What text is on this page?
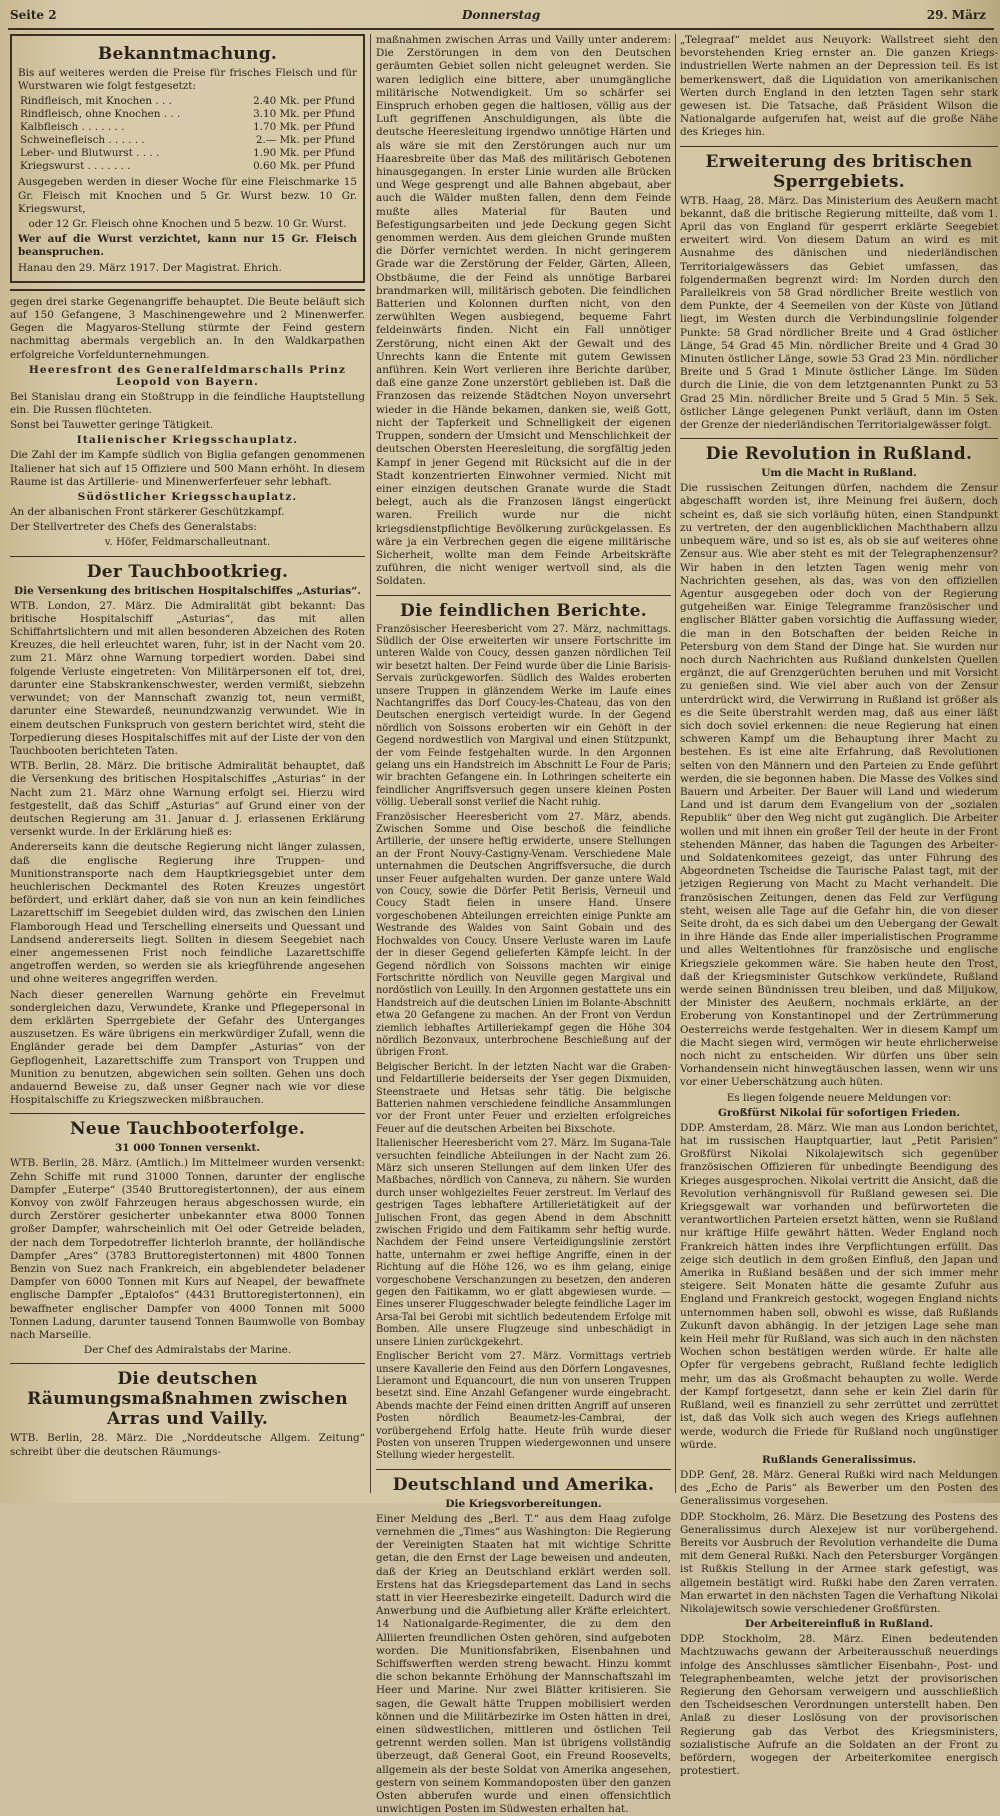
Seite 2	Donnerstag	29. März
Bekanntmachung.

Bis auf weiteres werden die Preise für frisches Fleisch und für Wurstwaren wie folgt festgesetzt:

Rindfleisch, mit Knochen . . .	2.40 Mk. per Pfund
Rindfleisch, ohne Knochen . . .	3.10 Mk. per Pfund
Kalbfleisch . . . . . . .	1.70 Mk. per Pfund
Schweinefleisch . . . . . .	2.— Mk. per Pfund
Leber- und Blutwurst . . . .	1.90 Mk. per Pfund
Kriegswurst . . . . . . .	0.60 Mk. per Pfund

Ausgegeben werden in dieser Woche für eine Fleischmarke 15 Gr. Fleisch mit Knochen und 5 Gr. Wurst bezw. 10 Gr. Kriegswurst,

oder 12 Gr. Fleisch ohne Knochen und 5 bezw. 10 Gr. Wurst.

Wer auf die Wurst verzichtet, kann nur 15 Gr. Fleisch beanspruchen.

Hanau den 29. März 1917. Der Magistrat. Ehrich.

gegen drei starke Gegenangriffe behauptet. Die Beute beläuft sich auf 150 Gefangene, 3 Maschinengewehre und 2 Minenwerfer. Gegen die Magyaros-Stellung stürmte der Feind gestern nachmittag abermals vergeblich an. In den Waldkarpathen erfolgreiche Vorfeldunternehmungen.

Heeresfront des Generalfeldmarschalls Prinz Leopold von Bayern.

Bei Stanislau drang ein Stoßtrupp in die feindliche Hauptstellung ein. Die Russen flüchteten.

Sonst bei Tauwetter geringe Tätigkeit.

Italienischer Kriegsschauplatz.

Die Zahl der im Kampfe südlich von Biglia gefangen genommenen Italiener hat sich auf 15 Offiziere und 500 Mann erhöht. In diesem Raume ist das Artillerie- und Minenwerferfeuer sehr lebhaft.

Südöstlicher Kriegsschauplatz.

An der albanischen Front stärkerer Geschützkampf.

Der Stellvertreter des Chefs des Generalstabs:

v. Höfer, Feldmarschalleutnant.

Der Tauchbootkrieg.
Die Versenkung des britischen Hospitalschiffes „Asturias“.

WTB. London, 27. März. Die Admiralität gibt bekannt: Das britische Hospitalschiff „Asturias“, das mit allen Schiffahrtslichtern und mit allen besonderen Abzeichen des Roten Kreuzes, die hell erleuchtet waren, fuhr, ist in der Nacht vom 20. zum 21. März ohne Warnung torpediert worden. Dabei sind folgende Verluste eingetreten: Von Militärpersonen elf tot, drei, darunter eine Stabskrankenschwester, werden vermißt, siebzehn verwundet; von der Mannschaft zwanzig tot, neun vermißt, darunter eine Stewardeß, neunundzwanzig verwundet. Wie in einem deutschen Funkspruch von gestern berichtet wird, steht die Torpedierung dieses Hospitalschiffes mit auf der Liste der von den Tauchbooten berichteten Taten.

WTB. Berlin, 28. März. Die britische Admiralität behauptet, daß die Versenkung des britischen Hospitalschiffes „Asturias“ in der Nacht zum 21. März ohne Warnung erfolgt sei. Hierzu wird festgestellt, daß das Schiff „Asturias“ auf Grund einer von der deutschen Regierung am 31. Januar d. J. erlassenen Erklärung versenkt wurde. In der Erklärung hieß es:

Andererseits kann die deutsche Regierung nicht länger zulassen, daß die englische Regierung ihre Truppen- und Munitionstransporte nach dem Hauptkriegsgebiet unter dem heuchlerischen Deckmantel des Roten Kreuzes ungestört befördert, und erklärt daher, daß sie von nun an kein feindliches Lazarettschiff im Seegebiet dulden wird, das zwischen den Linien Flamborough Head und Terschelling einerseits und Quessant und Landsend andererseits liegt. Sollten in diesem Seegebiet nach einer angemessenen Frist noch feindliche Lazarettschiffe angetroffen werden, so werden sie als kriegführende angesehen und ohne weiteres angegriffen werden.

Nach dieser generellen Warnung gehörte ein Frevelmut sondergleichen dazu, Verwundete, Kranke und Pflegepersonal in dem erklärten Sperrgebiete der Gefahr des Unterganges auszusetzen. Es wäre übrigens ein merkwürdiger Zufall, wenn die Engländer gerade bei dem Dampfer „Asturias“ von der Gepflogenheit, Lazarettschiffe zum Transport von Truppen und Munition zu benutzen, abgewichen sein sollten. Gehen uns doch andauernd Beweise zu, daß unser Gegner nach wie vor diese Hospitalschiffe zu Kriegszwecken mißbrauchen.

Neue Tauchbooterfolge.
31 000 Tonnen versenkt.

WTB. Berlin, 28. März. (Amtlich.) Im Mittelmeer wurden versenkt: Zehn Schiffe mit rund 31000 Tonnen, darunter der englische Dampfer „Euterpe“ (3540 Bruttoregistertonnen), der aus einem Konvoy von zwölf Fahrzeugen heraus abgeschossen wurde, ein durch Zerstörer gesicherter unbekannter etwa 8000 Tonnen großer Dampfer, wahrscheinlich mit Oel oder Getreide beladen, der nach dem Torpedotreffer lichterloh brannte, der holländische Dampfer „Ares“ (3783 Bruttoregistertonnen) mit 4800 Tonnen Benzin von Suez nach Frankreich, ein abgeblendeter beladener Dampfer von 6000 Tonnen mit Kurs auf Neapel, der bewaffnete englische Dampfer „Eptalofos“ (4431 Bruttoregistertonnen), ein bewaffneter englischer Dampfer von 4000 Tonnen mit 5000 Tonnen Ladung, darunter tausend Tonnen Baumwolle von Bombay nach Marseille.

Der Chef des Admiralstabs der Marine.

Die deutschen Räumungsmaßnahmen zwischen Arras und Vailly.

WTB. Berlin, 28. März. Die „Norddeutsche Allgem. Zeitung“ schreibt über die deutschen Räumungs-

maßnahmen zwischen Arras und Vailly unter anderem: Die Zerstörungen in dem von den Deutschen geräumten Gebiet sollen nicht geleugnet werden. Sie waren lediglich eine bittere, aber unumgängliche militärische Notwendigkeit. Um so schärfer sei Einspruch erhoben gegen die haltlosen, völlig aus der Luft gegriffenen Anschuldigungen, als übte die deutsche Heeresleitung irgendwo unnötige Härten und als wäre sie mit den Zerstörungen auch nur um Haaresbreite über das Maß des militärisch Gebotenen hinausgegangen. In erster Linie wurden alle Brücken und Wege gesprengt und alle Bahnen abgebaut, aber auch die Wälder mußten fallen, denn dem Feinde mußte alles Material für Bauten und Befestigungsarbeiten und jede Deckung gegen Sicht genommen werden. Aus dem gleichen Grunde mußten die Dörfer vernichtet werden. In nicht geringerem Grade war die Zerstörung der Felder, Gärten, Alleen, Obstbäume, die der Feind als unnötige Barbarei brandmarken will, militärisch geboten. Die feindlichen Batterien und Kolonnen durften nicht, von den zerwühlten Wegen ausbiegend, bequeme Fahrt feldeinwärts finden. Nicht ein Fall unnötiger Zerstörung, nicht einen Akt der Gewalt und des Unrechts kann die Entente mit gutem Gewissen anführen. Kein Wort verlieren ihre Berichte darüber, daß eine ganze Zone unzerstört geblieben ist. Daß die Franzosen das reizende Städtchen Noyon unversehrt wieder in die Hände bekamen, danken sie, weiß Gott, nicht der Tapferkeit und Schnelligkeit der eigenen Truppen, sondern der Umsicht und Menschlichkeit der deutschen Obersten Heeresleitung, die sorgfältig jeden Kampf in jener Gegend mit Rücksicht auf die in der Stadt konzentrierten Einwohner vermied. Nicht mit einer einzigen deutschen Granate wurde die Stadt belegt, auch als die Franzosen längst eingerückt waren. Freilich wurde nur die nicht kriegsdienstpflichtige Bevölkerung zurückgelassen. Es wäre ja ein Verbrechen gegen die eigene militärische Sicherheit, wollte man dem Feinde Arbeitskräfte zuführen, die nicht weniger wertvoll sind, als die Soldaten.

Die feindlichen Berichte.

Französischer Heeresbericht vom 27. März, nachmittags. Südlich der Oise erweiterten wir unsere Fortschritte im unteren Walde von Coucy, dessen ganzen nördlichen Teil wir besetzt halten. Der Feind wurde über die Linie Barisis-Servais zurückgeworfen. Südlich des Waldes eroberten unsere Truppen in glänzendem Werke im Laufe eines Nachtangriffes das Dorf Coucy-les-Chateau, das von den Deutschen energisch verteidigt wurde. In der Gegend nördlich von Soissons eroberten wir ein Gehöft in der Gegend nordwestlich von Margival und einen Stützpunkt, der vom Feinde festgehalten wurde. In den Argonnen gelang uns ein Handstreich im Abschnitt Le Four de Paris; wir brachten Gefangene ein. In Lothringen scheiterte ein feindlicher Angriffsversuch gegen unsere kleinen Posten völlig. Ueberall sonst verlief die Nacht ruhig.

Französischer Heeresbericht vom 27. März, abends. Zwischen Somme und Oise beschoß die feindliche Artillerie, der unsere heftig erwiderte, unsere Stellungen an der Front Nouvy-Castigny-Venam. Verschiedene Male unternahmen die Deutschen Angriffsversuche, die durch unser Feuer aufgehalten wurden. Der ganze untere Wald von Coucy, sowie die Dörfer Petit Berisis, Verneuil und Coucy Stadt fielen in unsere Hand. Unsere vorgeschobenen Abteilungen erreichten einige Punkte am Westrande des Waldes von Saint Gobain und des Hochwaldes von Coucy. Unsere Verluste waren im Laufe der in dieser Gegend gelieferten Kämpfe leicht. In der Gegend nördlich von Soissons machten wir einige Fortschritte nördlich von Neuville gegen Margival und nordöstlich von Leuilly. In den Argonnen gestattete uns ein Handstreich auf die deutschen Linien im Bolante-Abschnitt etwa 20 Gefangene zu machen. An der Front von Verdun ziemlich lebhaftes Artilleriekampf gegen die Höhe 304 nördlich Bezonvaux, unterbrochene Beschießung auf der übrigen Front.

Belgischer Bericht. In der letzten Nacht war die Graben- und Feldartillerie beiderseits der Yser gegen Dixmuiden, Steenstraete und Hetsas sehr tätig. Die belgische Batterien nahmen verschiedene feindliche Ansammlungen vor der Front unter Feuer und erzielten erfolgreiches Feuer auf die deutschen Arbeiten bei Bixschote.

Italienischer Heeresbericht vom 27. März. Im Sugana-Tale versuchten feindliche Abteilungen in der Nacht zum 26. März sich unseren Stellungen auf dem linken Ufer des Maßbaches, nördlich von Canneva, zu nähern. Sie wurden durch unser wohlgezieltes Feuer zerstreut. Im Verlauf des gestrigen Tages lebhaftere Artillerietätigkeit auf der Julischen Front, das gegen Abend in dem Abschnitt zwischen Frigido und dem Faitikamm sehr heftig wurde. Nachdem der Feind unsere Verteidigungslinie zerstört hatte, unternahm er zwei heftige Angriffe, einen in der Richtung auf die Höhe 126, wo es ihm gelang, einige vorgeschobene Verschanzungen zu besetzen, den anderen gegen den Faitikamm, wo er glatt abgewiesen wurde. — Eines unserer Fluggeschwader belegte feindliche Lager im Arsa-Tal bei Gerobi mit sichtlich bedeutendem Erfolge mit Bomben. Alle unsere Flugzeuge sind unbeschädigt in unsere Linien zurückgekehrt.

Englischer Bericht vom 27. März. Vormittags vertrieb unsere Kavallerie den Feind aus den Dörfern Longavesnes, Lieramont und Equancourt, die nun von unseren Truppen besetzt sind. Eine Anzahl Gefangener wurde eingebracht. Abends machte der Feind einen dritten Angriff auf unseren Posten nördlich Beaumetz-les-Cambrai, der vorübergehend Erfolg hatte. Heute früh wurde dieser Posten von unseren Truppen wiedergewonnen und unsere Stellung wieder hergestellt.

Deutschland und Amerika.
Die Kriegsvorbereitungen.

Einer Meldung des „Berl. T.“ aus dem Haag zufolge vernehmen die „Times“ aus Washington: Die Regierung der Vereinigten Staaten hat mit wichtige Schritte getan, die den Ernst der Lage beweisen und andeuten, daß der Krieg an Deutschland erklärt werden soll. Erstens hat das Kriegsdepartement das Land in sechs statt in vier Heeresbezirke eingeteilt. Dadurch wird die Anwerbung und die Aufbietung aller Kräfte erleichtert. 14 Nationalgarde-Regimenter, die zu dem den Alliierten freundlichen Osten gehören, sind aufgeboten worden. Die Munitionsfabriken, Eisenbahnen und Schiffswerften werden streng bewacht. Hinzu kommt die schon bekannte Erhöhung der Mannschaftszahl im Heer und Marine. Nur zwei Blätter kritisieren. Sie sagen, die Gewalt hätte Truppen mobilisiert werden können und die Militärbezirke im Osten hätten in drei, einen südwestlichen, mittleren und östlichen Teil getrennt werden sollen. Man ist übrigens vollständig überzeugt, daß General Goot, ein Freund Roosevelts, allgemein als der beste Soldat von Amerika angesehen, gestern von seinem Kommandoposten über den ganzen Osten abberufen wurde und einen offensichtlich unwichtigen Posten im Südwesten erhalten hat.

„Telegraaf“ meldet aus Neuyork: Wallstreet sieht den bevorstehenden Krieg ernster an. Die ganzen Kriegs-industriellen Werte nahmen an der Depression teil. Es ist bemerkenswert, daß die Liquidation von amerikanischen Werten durch England in den letzten Tagen sehr stark gewesen ist. Die Tatsache, daß Präsident Wilson die Nationalgarde aufgerufen hat, weist auf die große Nähe des Krieges hin.

Erweiterung des britischen Sperrgebiets.

WTB. Haag, 28. März. Das Ministerium des Aeußern macht bekannt, daß die britische Regierung mitteilte, daß vom 1. April das von England für gesperrt erklärte Seegebiet erweitert wird. Von diesem Datum an wird es mit Ausnahme des dänischen und niederländischen Territorialgewässers das Gebiet umfassen, das folgendermaßen begrenzt wird: Im Norden durch den Parallelkreis von 58 Grad nördlicher Breite westlich von dem Punkte, der 4 Seemeilen von der Küste von Jütland liegt, im Westen durch die Verbindungslinie folgender Punkte: 58 Grad nördlicher Breite und 4 Grad östlicher Länge, 54 Grad 45 Min. nördlicher Breite und 4 Grad 30 Minuten östlicher Länge, sowie 53 Grad 23 Min. nördlicher Breite und 5 Grad 1 Minute östlicher Länge. Im Süden durch die Linie, die von dem letztgenannten Punkt zu 53 Grad 25 Min. nördlicher Breite und 5 Grad 5 Min. 5 Sek. östlicher Länge gelegenen Punkt verläuft, dann im Osten der Grenze der niederländischen Territorialgewässer folgt.

Die Revolution in Rußland.
Um die Macht in Rußland.

Die russischen Zeitungen dürfen, nachdem die Zensur abgeschafft worden ist, ihre Meinung frei äußern, doch scheint es, daß sie sich vorläufig hüten, einen Standpunkt zu vertreten, der den augenblicklichen Machthabern allzu unbequem wäre, und so ist es, als ob sie auf weiteres ohne Zensur aus. Wie aber steht es mit der Telegraphenzensur? Wir haben in den letzten Tagen wenig mehr von Nachrichten gesehen, als das, was von den offiziellen Agentur ausgegeben oder doch von der Regierung gutgeheißen war. Einige Telegramme französischer und englischer Blätter gaben vorsichtig die Auffassung wieder, die man in den Botschaften der beiden Reiche in Petersburg von dem Stand der Dinge hat. Sie wurden nur noch durch Nachrichten aus Rußland dunkelsten Quellen ergänzt, die auf Grenzgerüchten beruhen und mit Vorsicht zu genießen sind. Wie viel aber auch von der Zensur unterdrückt wird, die Verwirrung in Rußland ist größer als es die Seite überstrahlt werden mag, daß aus einer läßt sich doch soviel erkennen: die neue Regierung hat einen schweren Kampf um die Behauptung ihrer Macht zu bestehen. Es ist eine alte Erfahrung, daß Revolutionen selten von den Männern und den Parteien zu Ende geführt werden, die sie begonnen haben. Die Masse des Volkes sind Bauern und Arbeiter. Der Bauer will Land und wiederum Land und ist darum dem Evangelium von der „sozialen Republik“ über den Weg nicht gut zugänglich. Die Arbeiter wollen und mit ihnen ein großer Teil der heute in der Front stehenden Männer, das haben die Tagungen des Arbeiter- und Soldatenkomitees gezeigt, das unter Führung des Abgeordneten Tscheidse die Taurische Palast tagt, mit der jetzigen Regierung von Macht zu Macht verhandelt. Die französischen Zeitungen, denen das Feld zur Verfügung steht, weisen alle Tage auf die Gefahr hin, die von dieser Seite droht, da es sich dabei um den Uebergang der Gewalt in ihre Hände das Ende aller imperialistischen Programme und alles Weltentlohnes für französische und englische Kriegsziele gekommen wäre. Sie haben heute den Trost, daß der Kriegsminister Gutschkow verkündete, Rußland werde seinen Bündnissen treu bleiben, und daß Miljukow, der Minister des Aeußern, nochmals erklärte, an der Eroberung von Konstantinopel und der Zertrümmerung Oesterreichs werde festgehalten. Wer in diesem Kampf um die Macht siegen wird, vermögen wir heute ehrlicherweise noch nicht zu entscheiden. Wir dürfen uns über sein Vorhandensein nicht hinwegtäuschen lassen, wenn wir uns vor einer Ueberschätzung auch hüten.

Es liegen folgende neuere Meldungen vor:

Großfürst Nikolai für sofortigen Frieden.

DDP. Amsterdam, 28. März. Wie man aus London berichtet, hat im russischen Hauptquartier, laut „Petit Parisien“ Großfürst Nikolai Nikolajewitsch sich gegenüber französischen Offizieren für unbedingte Beendigung des Krieges ausgesprochen. Nikolai vertritt die Ansicht, daß die Revolution verhängnisvoll für Rußland gewesen sei. Die Kriegsgewalt war vorhanden und befürworteten die verantwortlichen Parteien ersetzt hätten, wenn sie Rußland nur kräftige Hilfe gewährt hätten. Weder England noch Frankreich hätten indes ihre Verpflichtungen erfüllt. Das zeige sich deutlich in dem großen Einfluß, den Japan und Amerika in Rußland besäßen und der sich immer mehr steigere. Seit Monaten hätte die gesamte Zufuhr aus England und Frankreich gestockt, wogegen England nichts unternommen haben soll, obwohl es wisse, daß Rußlands Zukunft davon abhängig. In der jetzigen Lage sehe man kein Heil mehr für Rußland, was sich auch in den nächsten Wochen schon bestätigen werden würde. Er halte alle Opfer für vergebens gebracht, Rußland fechte lediglich mehr, um das als Großmacht behaupten zu wolle. Werde der Kampf fortgesetzt, dann sehe er kein Ziel darin für Rußland, weil es finanziell zu sehr zerrüttet und zerrüttet ist, daß das Volk sich auch wegen des Kriegs auflehnen werde, wodurch die Friede für Rußland noch ungünstiger würde.

Rußlands Generalissimus.

DDP. Genf, 28. März. General Rußki wird nach Meldungen des „Echo de Paris“ als Bewerber um den Posten des Generalissimus vorgesehen.

DDP. Stockholm, 26. März. Die Besetzung des Postens des Generalissimus durch Alexejew ist nur vorübergehend. Bereits vor Ausbruch der Revolution verhandelte die Duma mit dem General Rußki. Nach den Petersburger Vorgängen ist Rußkis Stellung in der Armee stark gefestigt, was allgemein bestätigt wird. Rußki habe den Zaren verraten. Man erwartet in den nächsten Tagen die Verhaftung Nikolai Nikolajewitsch sowie verschiedener Großfürsten.

Der Arbeitereinfluß in Rußland.

DDP. Stockholm, 28. März. Einen bedeutenden Machtzuwachs gewann der Arbeiterausschuß neuerdings infolge des Anschlusses sämtlicher Eisenbahn-, Post- und Telegraphenbeamten, welche jetzt der provisorischen Regierung den Gehorsam verweigern und ausschließlich den Tscheidseschen Verordnungen unterstellt haben. Den Anlaß zu dieser Loslösung von der provisorischen Regierung gab das Verbot des Kriegsministers, sozialistische Aufrufe an die Soldaten an der Front zu befördern, wogegen der Arbeiterkomitee energisch protestiert.
